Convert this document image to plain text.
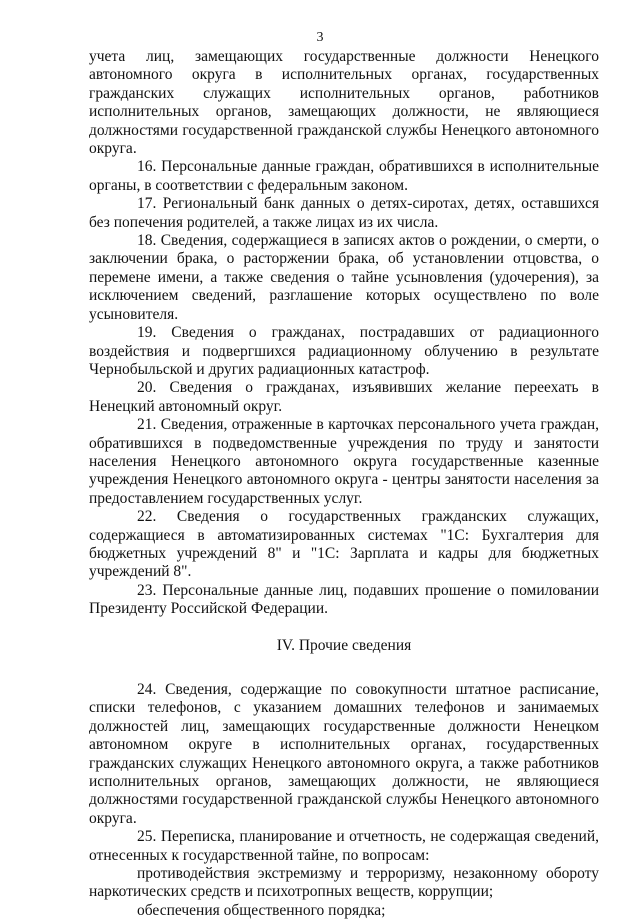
3

учета лиц, замещающих государственные должности Ненецкого автономного округа в исполнительных органах, государственных гражданских служащих исполнительных органов, работников исполнительных органов, замещающих должности, не являющиеся должностями государственной гражданской службы Ненецкого автономного округа.

16. Персональные данные граждан, обратившихся в исполнительные органы, в соответствии с федеральным законом.

17. Региональный банк данных о детях-сиротах, детях, оставшихся без попечения родителей, а также лицах из их числа.

18. Сведения, содержащиеся в записях актов о рождении, о смерти, о заключении брака, о расторжении брака, об установлении отцовства, о перемене имени, а также сведения о тайне усыновления (удочерения), за исключением сведений, разглашение которых осуществлено по воле усыновителя.

19. Сведения о гражданах, пострадавших от радиационного воздействия и подвергшихся радиационному облучению в результате Чернобыльской и других радиационных катастроф.

20. Сведения о гражданах, изъявивших желание переехать в Ненецкий автономный округ.

21. Сведения, отраженные в карточках персонального учета граждан, обратившихся в подведомственные учреждения по труду и занятости населения Ненецкого автономного округа государственные казенные учреждения Ненецкого автономного округа - центры занятости населения за предоставлением государственных услуг.

22. Сведения о государственных гражданских служащих, содержащиеся в автоматизированных системах "1С: Бухгалтерия для бюджетных учреждений 8" и "1С: Зарплата и кадры для бюджетных учреждений 8".

23. Персональные данные лиц, подавших прошение о помиловании Президенту Российской Федерации.

IV. Прочие сведения

24. Сведения, содержащие по совокупности штатное расписание, списки телефонов, с указанием домашних телефонов и занимаемых должностей лиц, замещающих государственные должности Ненецком автономном округе в исполнительных органах, государственных гражданских служащих Ненецкого автономного округа, а также работников исполнительных органов, замещающих должности, не являющиеся должностями государственной гражданской службы Ненецкого автономного округа.

25. Переписка, планирование и отчетность, не содержащая сведений, отнесенных к государственной тайне, по вопросам:

противодействия экстремизму и терроризму, незаконному обороту наркотических средств и психотропных веществ, коррупции;

обеспечения общественного порядка;
